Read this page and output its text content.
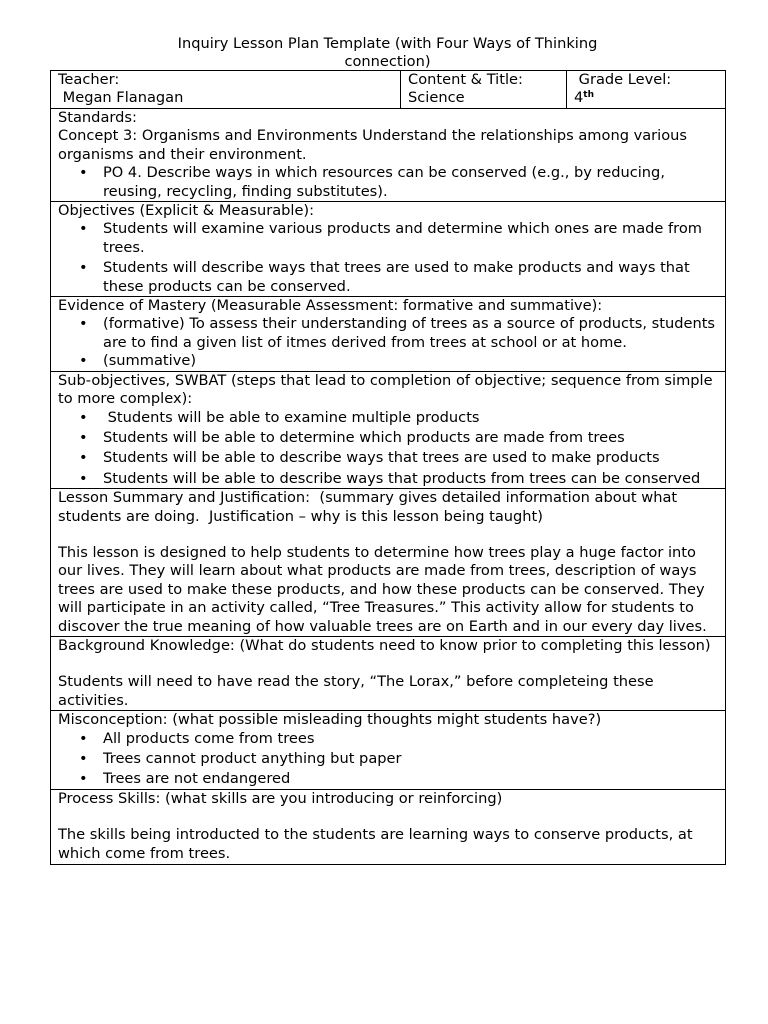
Inquiry Lesson Plan Template (with Four Ways of Thinking
connection)
Teacher:
Megan Flanagan

Content & Title:
Science

Grade Level:
4th

Standards:
Concept 3: Organisms and Environments Understand the relationships among various organisms and their environment.
• PO 4. Describe ways in which resources can be conserved (e.g., by reducing, reusing, recycling, finding substitutes).

Objectives (Explicit & Measurable):
• Students will examine various products and determine which ones are made from trees.
• Students will describe ways that trees are used to make products and ways that these products can be conserved.

Evidence of Mastery (Measurable Assessment: formative and summative):
• (formative) To assess their understanding of trees as a source of products, students are to find a given list of itmes derived from trees at school or at home.
• (summative)

Sub-objectives, SWBAT (steps that lead to completion of objective; sequence from simple to more complex):
•  Students will be able to examine multiple products
• Students will be able to determine which products are made from trees
• Students will be able to describe ways that trees are used to make products
• Students will be able to describe ways that products from trees can be conserved

Lesson Summary and Justification:  (summary gives detailed information about what students are doing.  Justification – why is this lesson being taught)
This lesson is designed to help students to determine how trees play a huge factor into our lives. They will learn about what products are made from trees, description of ways trees are used to make these products, and how these products can be conserved. They will participate in an activity called, “Tree Treasures.” This activity allow for students to discover the true meaning of how valuable trees are on Earth and in our every day lives.

Background Knowledge: (What do students need to know prior to completing this lesson)
Students will need to have read the story, “The Lorax,” before completeing these activities.

Misconception: (what possible misleading thoughts might students have?)
• All products come from trees
• Trees cannot product anything but paper
• Trees are not endangered

Process Skills: (what skills are you introducing or reinforcing)
The skills being introducted to the students are learning ways to conserve products, at which come from trees.
